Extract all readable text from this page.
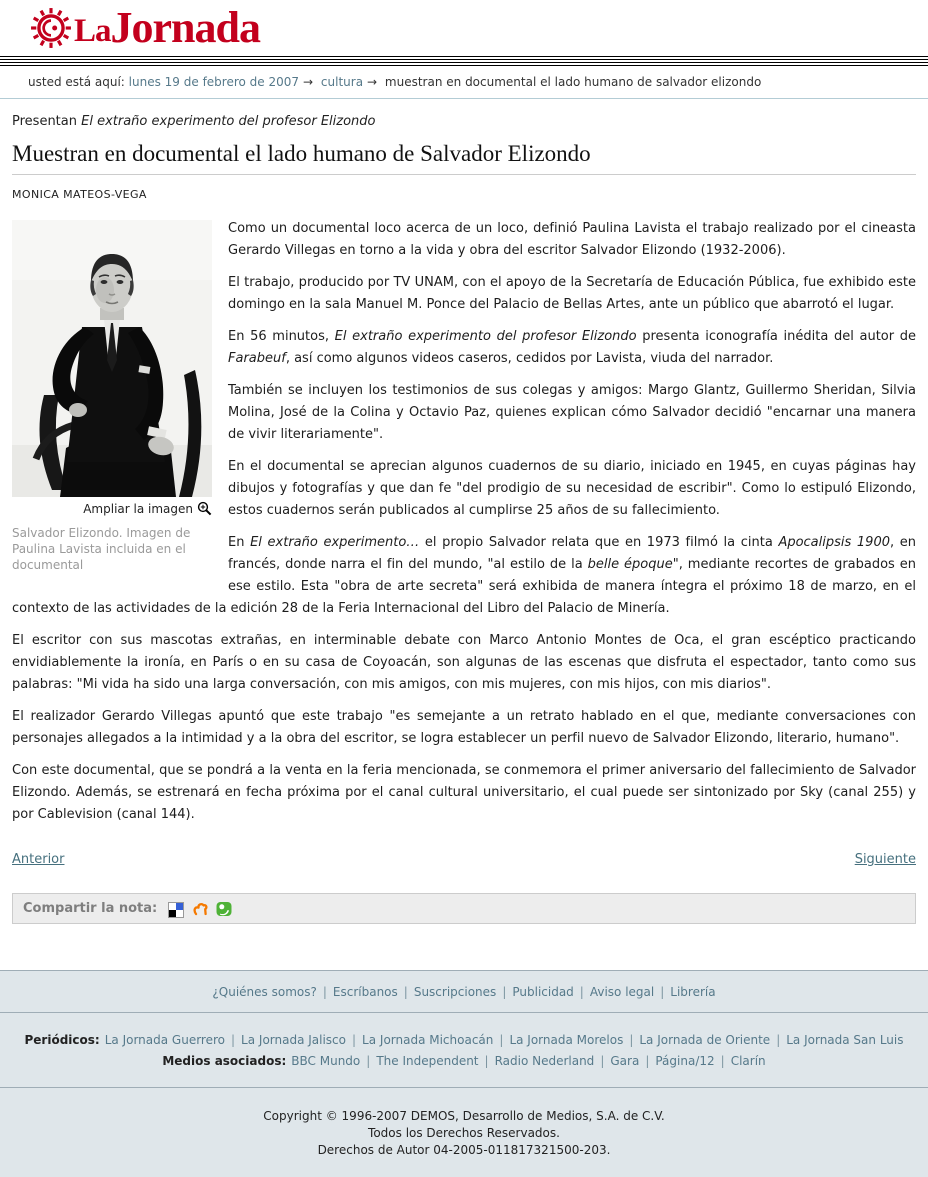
LaJornada
usted está aquí: lunes 19 de febrero de 2007 → cultura → muestran en documental el lado humano de salvador elizondo
Presentan El extraño experimento del profesor Elizondo
Muestran en documental el lado humano de Salvador Elizondo
MONICA MATEOS-VEGA
Ampliar la imagen
Salvador Elizondo. Imagen de Paulina Lavista incluida en el documental

Como un documental loco acerca de un loco, definió Paulina Lavista el trabajo realizado por el cineasta Gerardo Villegas en torno a la vida y obra del escritor Salvador Elizondo (1932-2006).

El trabajo, producido por TV UNAM, con el apoyo de la Secretaría de Educación Pública, fue exhibido este domingo en la sala Manuel M. Ponce del Palacio de Bellas Artes, ante un público que abarrotó el lugar.

En 56 minutos, El extraño experimento del profesor Elizondo presenta iconografía inédita del autor de Farabeuf, así como algunos videos caseros, cedidos por Lavista, viuda del narrador.

También se incluyen los testimonios de sus colegas y amigos: Margo Glantz, Guillermo Sheridan, Silvia Molina, José de la Colina y Octavio Paz, quienes explican cómo Salvador decidió "encarnar una manera de vivir literariamente".

En el documental se aprecian algunos cuadernos de su diario, iniciado en 1945, en cuyas páginas hay dibujos y fotografías y que dan fe "del prodigio de su necesidad de escribir". Como lo estipuló Elizondo, estos cuadernos serán publicados al cumplirse 25 años de su fallecimiento.

En El extraño experimento… el propio Salvador relata que en 1973 filmó la cinta Apocalipsis 1900, en francés, donde narra el fin del mundo, "al estilo de la belle époque", mediante recortes de grabados en ese estilo. Esta "obra de arte secreta" será exhibida de manera íntegra el próximo 18 de marzo, en el contexto de las actividades de la edición 28 de la Feria Internacional del Libro del Palacio de Minería.

El escritor con sus mascotas extrañas, en interminable debate con Marco Antonio Montes de Oca, el gran escéptico practicando envidiablemente la ironía, en París o en su casa de Coyoacán, son algunas de las escenas que disfruta el espectador, tanto como sus palabras: "Mi vida ha sido una larga conversación, con mis amigos, con mis mujeres, con mis hijos, con mis diarios".

El realizador Gerardo Villegas apuntó que este trabajo "es semejante a un retrato hablado en el que, mediante conversaciones con personajes allegados a la intimidad y a la obra del escritor, se logra establecer un perfil nuevo de Salvador Elizondo, literario, humano".

Con este documental, que se pondrá a la venta en la feria mencionada, se conmemora el primer aniversario del fallecimiento de Salvador Elizondo. Además, se estrenará en fecha próxima por el canal cultural universitario, el cual puede ser sintonizado por Sky (canal 255) y por Cablevision (canal 144).

Anterior	Siguiente
Compartir la nota:
¿Quiénes somos? | Escríbanos | Suscripciones | Publicidad | Aviso legal | Librería
Periódicos: La Jornada Guerrero | La Jornada Jalisco | La Jornada Michoacán | La Jornada Morelos | La Jornada de Oriente | La Jornada San Luis
Medios asociados: BBC Mundo | The Independent | Radio Nederland | Gara | Página/12 | Clarín
Copyright © 1996-2007 DEMOS, Desarrollo de Medios, S.A. de C.V.
Todos los Derechos Reservados.
Derechos de Autor 04-2005-011817321500-203.
